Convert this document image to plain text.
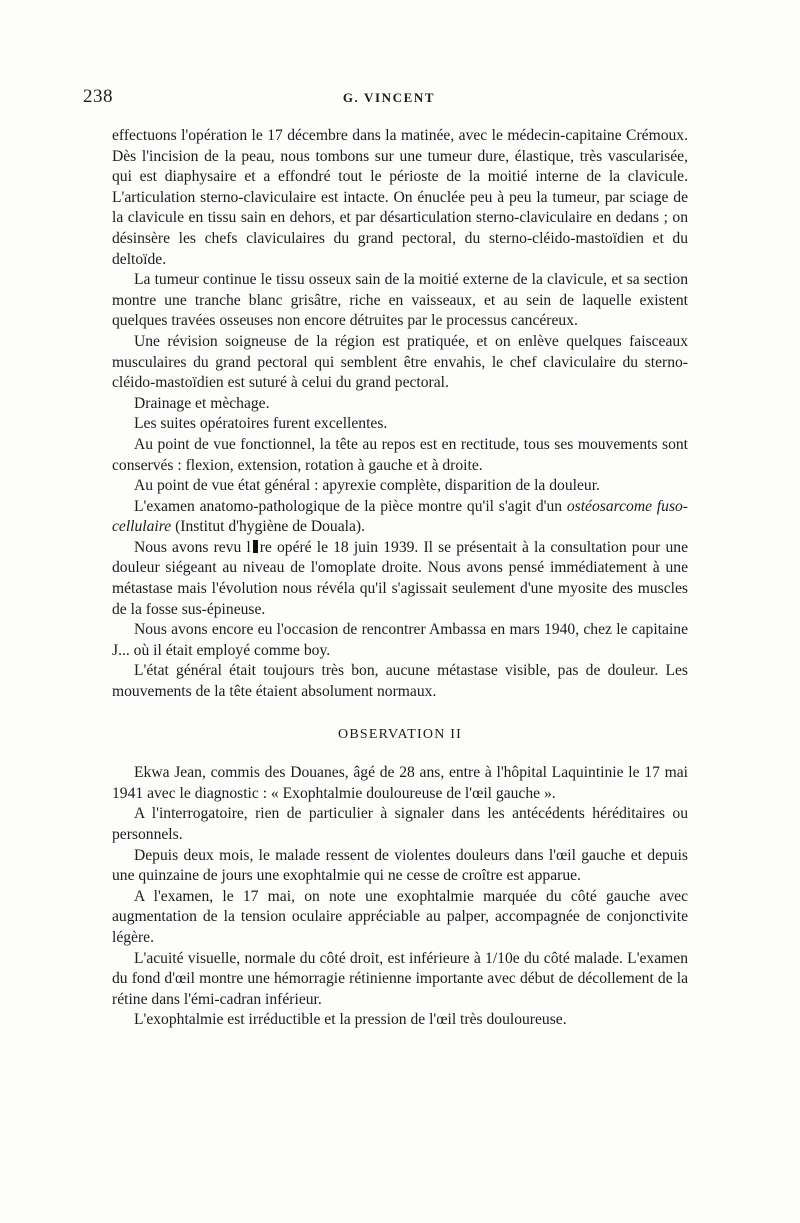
238	G. VINCENT

effectuons l'opération le 17 décembre dans la matinée, avec le médecin-capitaine Crémoux. Dès l'incision de la peau, nous tombons sur une tumeur dure, élastique, très vascularisée, qui est diaphysaire et a effondré tout le périoste de la moitié interne de la clavicule. L'articulation sterno-claviculaire est intacte. On énuclée peu à peu la tumeur, par sciage de la clavicule en tissu sain en dehors, et par désarticulation sterno-claviculaire en dedans ; on désinsère les chefs claviculaires du grand pectoral, du sterno-cléido-mastoïdien et du deltoïde.

La tumeur continue le tissu osseux sain de la moitié externe de la clavicule, et sa section montre une tranche blanc grisâtre, riche en vaisseaux, et au sein de laquelle existent quelques travées osseuses non encore détruites par le processus cancéreux.

Une révision soigneuse de la région est pratiquée, et on enlève quelques faisceaux musculaires du grand pectoral qui semblent être envahis, le chef claviculaire du sterno-cléido-mastoïdien est suturé à celui du grand pectoral.

Drainage et mèchage.

Les suites opératoires furent excellentes.

Au point de vue fonctionnel, la tête au repos est en rectitude, tous ses mouvements sont conservés : flexion, extension, rotation à gauche et à droite.

Au point de vue état général : apyrexie complète, disparition de la douleur.

L'examen anatomo-pathologique de la pièce montre qu'il s'agit d'un ostéosarcome fuso-cellulaire (Institut d'hygiène de Douala).

Nous avons revu l re opéré le 18 juin 1939. Il se présentait à la consultation pour une douleur siégeant au niveau de l'omoplate droite. Nous avons pensé immédiatement à une métastase mais l'évolution nous révéla qu'il s'agissait seulement d'une myosite des muscles de la fosse sus-épineuse.

Nous avons encore eu l'occasion de rencontrer Ambassa en mars 1940, chez le capitaine J... où il était employé comme boy.

L'état général était toujours très bon, aucune métastase visible, pas de douleur. Les mouvements de la tête étaient absolument normaux.

OBSERVATION II

Ekwa Jean, commis des Douanes, âgé de 28 ans, entre à l'hôpital Laquintinie le 17 mai 1941 avec le diagnostic : « Exophtalmie douloureuse de l'œil gauche ».

A l'interrogatoire, rien de particulier à signaler dans les antécédents héréditaires ou personnels.

Depuis deux mois, le malade ressent de violentes douleurs dans l'œil gauche et depuis une quinzaine de jours une exophtalmie qui ne cesse de croître est apparue.

A l'examen, le 17 mai, on note une exophtalmie marquée du côté gauche avec augmentation de la tension oculaire appréciable au palper, accompagnée de conjonctivite légère.

L'acuité visuelle, normale du côté droit, est inférieure à 1/10e du côté malade. L'examen du fond d'œil montre une hémorragie rétinienne importante avec début de décollement de la rétine dans l'émi-cadran inférieur.

L'exophtalmie est irréductible et la pression de l'œil très douloureuse.
